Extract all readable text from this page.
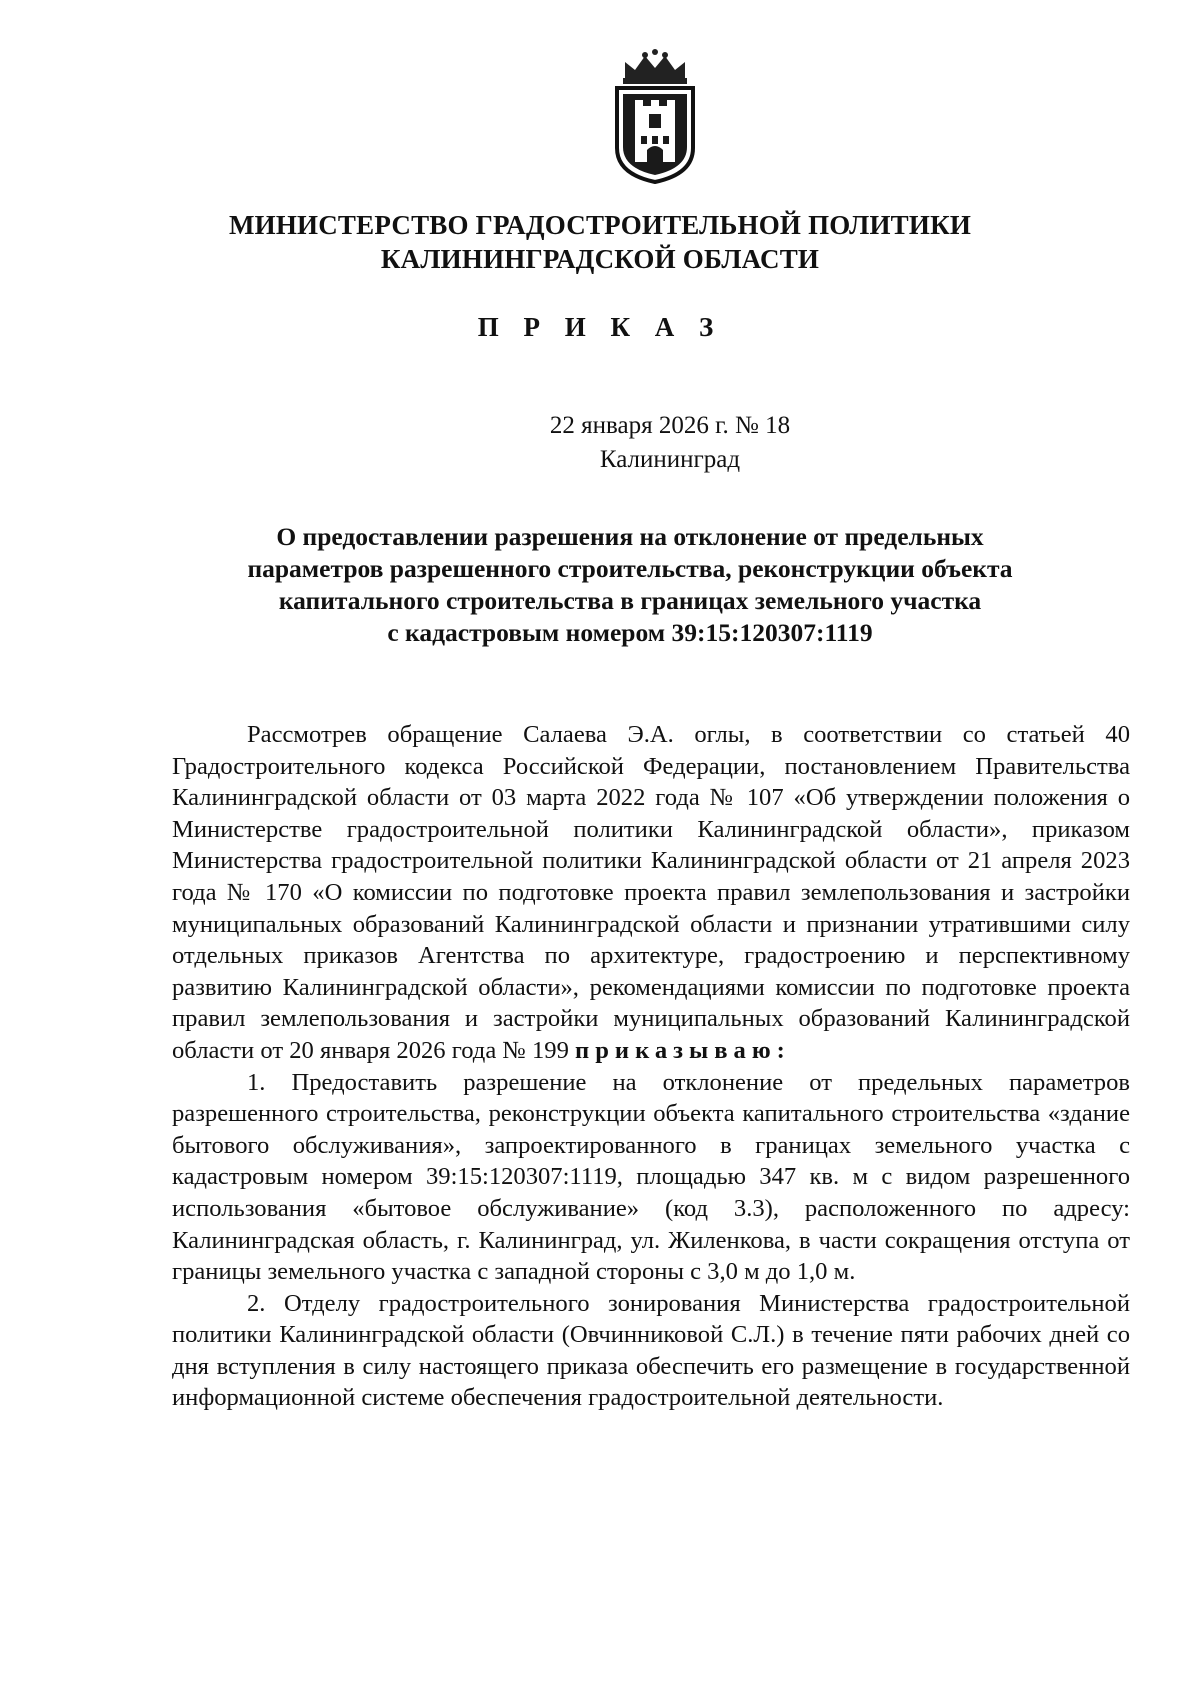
МИНИСТЕРСТВО ГРАДОСТРОИТЕЛЬНОЙ ПОЛИТИКИ
КАЛИНИНГРАДСКОЙ ОБЛАСТИ
П Р И К А З
22 января 2026 г. № 18
Калининград
О предоставлении разрешения на отклонение от предельных
параметров разрешенного строительства, реконструкции объекта
капитального строительства в границах земельного участка
с кадастровым номером 39:15:120307:1119

Рассмотрев обращение Салаева Э.А. оглы, в соответствии со статьей 40 Градостроительного кодекса Российской Федерации, постановлением Правительства Калининградской области от 03 марта 2022 года № 107 «Об утверждении положения о Министерстве градостроительной политики Калининградской области», приказом Министерства градостроительной политики Калининградской области от 21 апреля 2023 года № 170 «О комиссии по подготовке проекта правил землепользования и застройки муниципальных образований Калининградской области и признании утратившими силу отдельных приказов Агентства по архитектуре, градостроению и перспективному развитию Калининградской области», рекомендациями комиссии по подготовке проекта правил землепользования и застройки муниципальных образований Калининградской области от 20 января 2026 года № 199 приказываю:

1. Предоставить разрешение на отклонение от предельных параметров разрешенного строительства, реконструкции объекта капитального строительства «здание бытового обслуживания», запроектированного в границах земельного участка с кадастровым номером 39:15:120307:1119, площадью 347 кв. м с видом разрешенного использования «бытовое обслуживание» (код 3.3), расположенного по адресу: Калининградская область, г. Калининград, ул. Жиленкова, в части сокращения отступа от границы земельного участка с западной стороны с 3,0 м до 1,0 м.

2. Отделу градостроительного зонирования Министерства градостроительной политики Калининградской области (Овчинниковой С.Л.) в течение пяти рабочих дней со дня вступления в силу настоящего приказа обеспечить его размещение в государственной информационной системе обеспечения градостроительной деятельности.
